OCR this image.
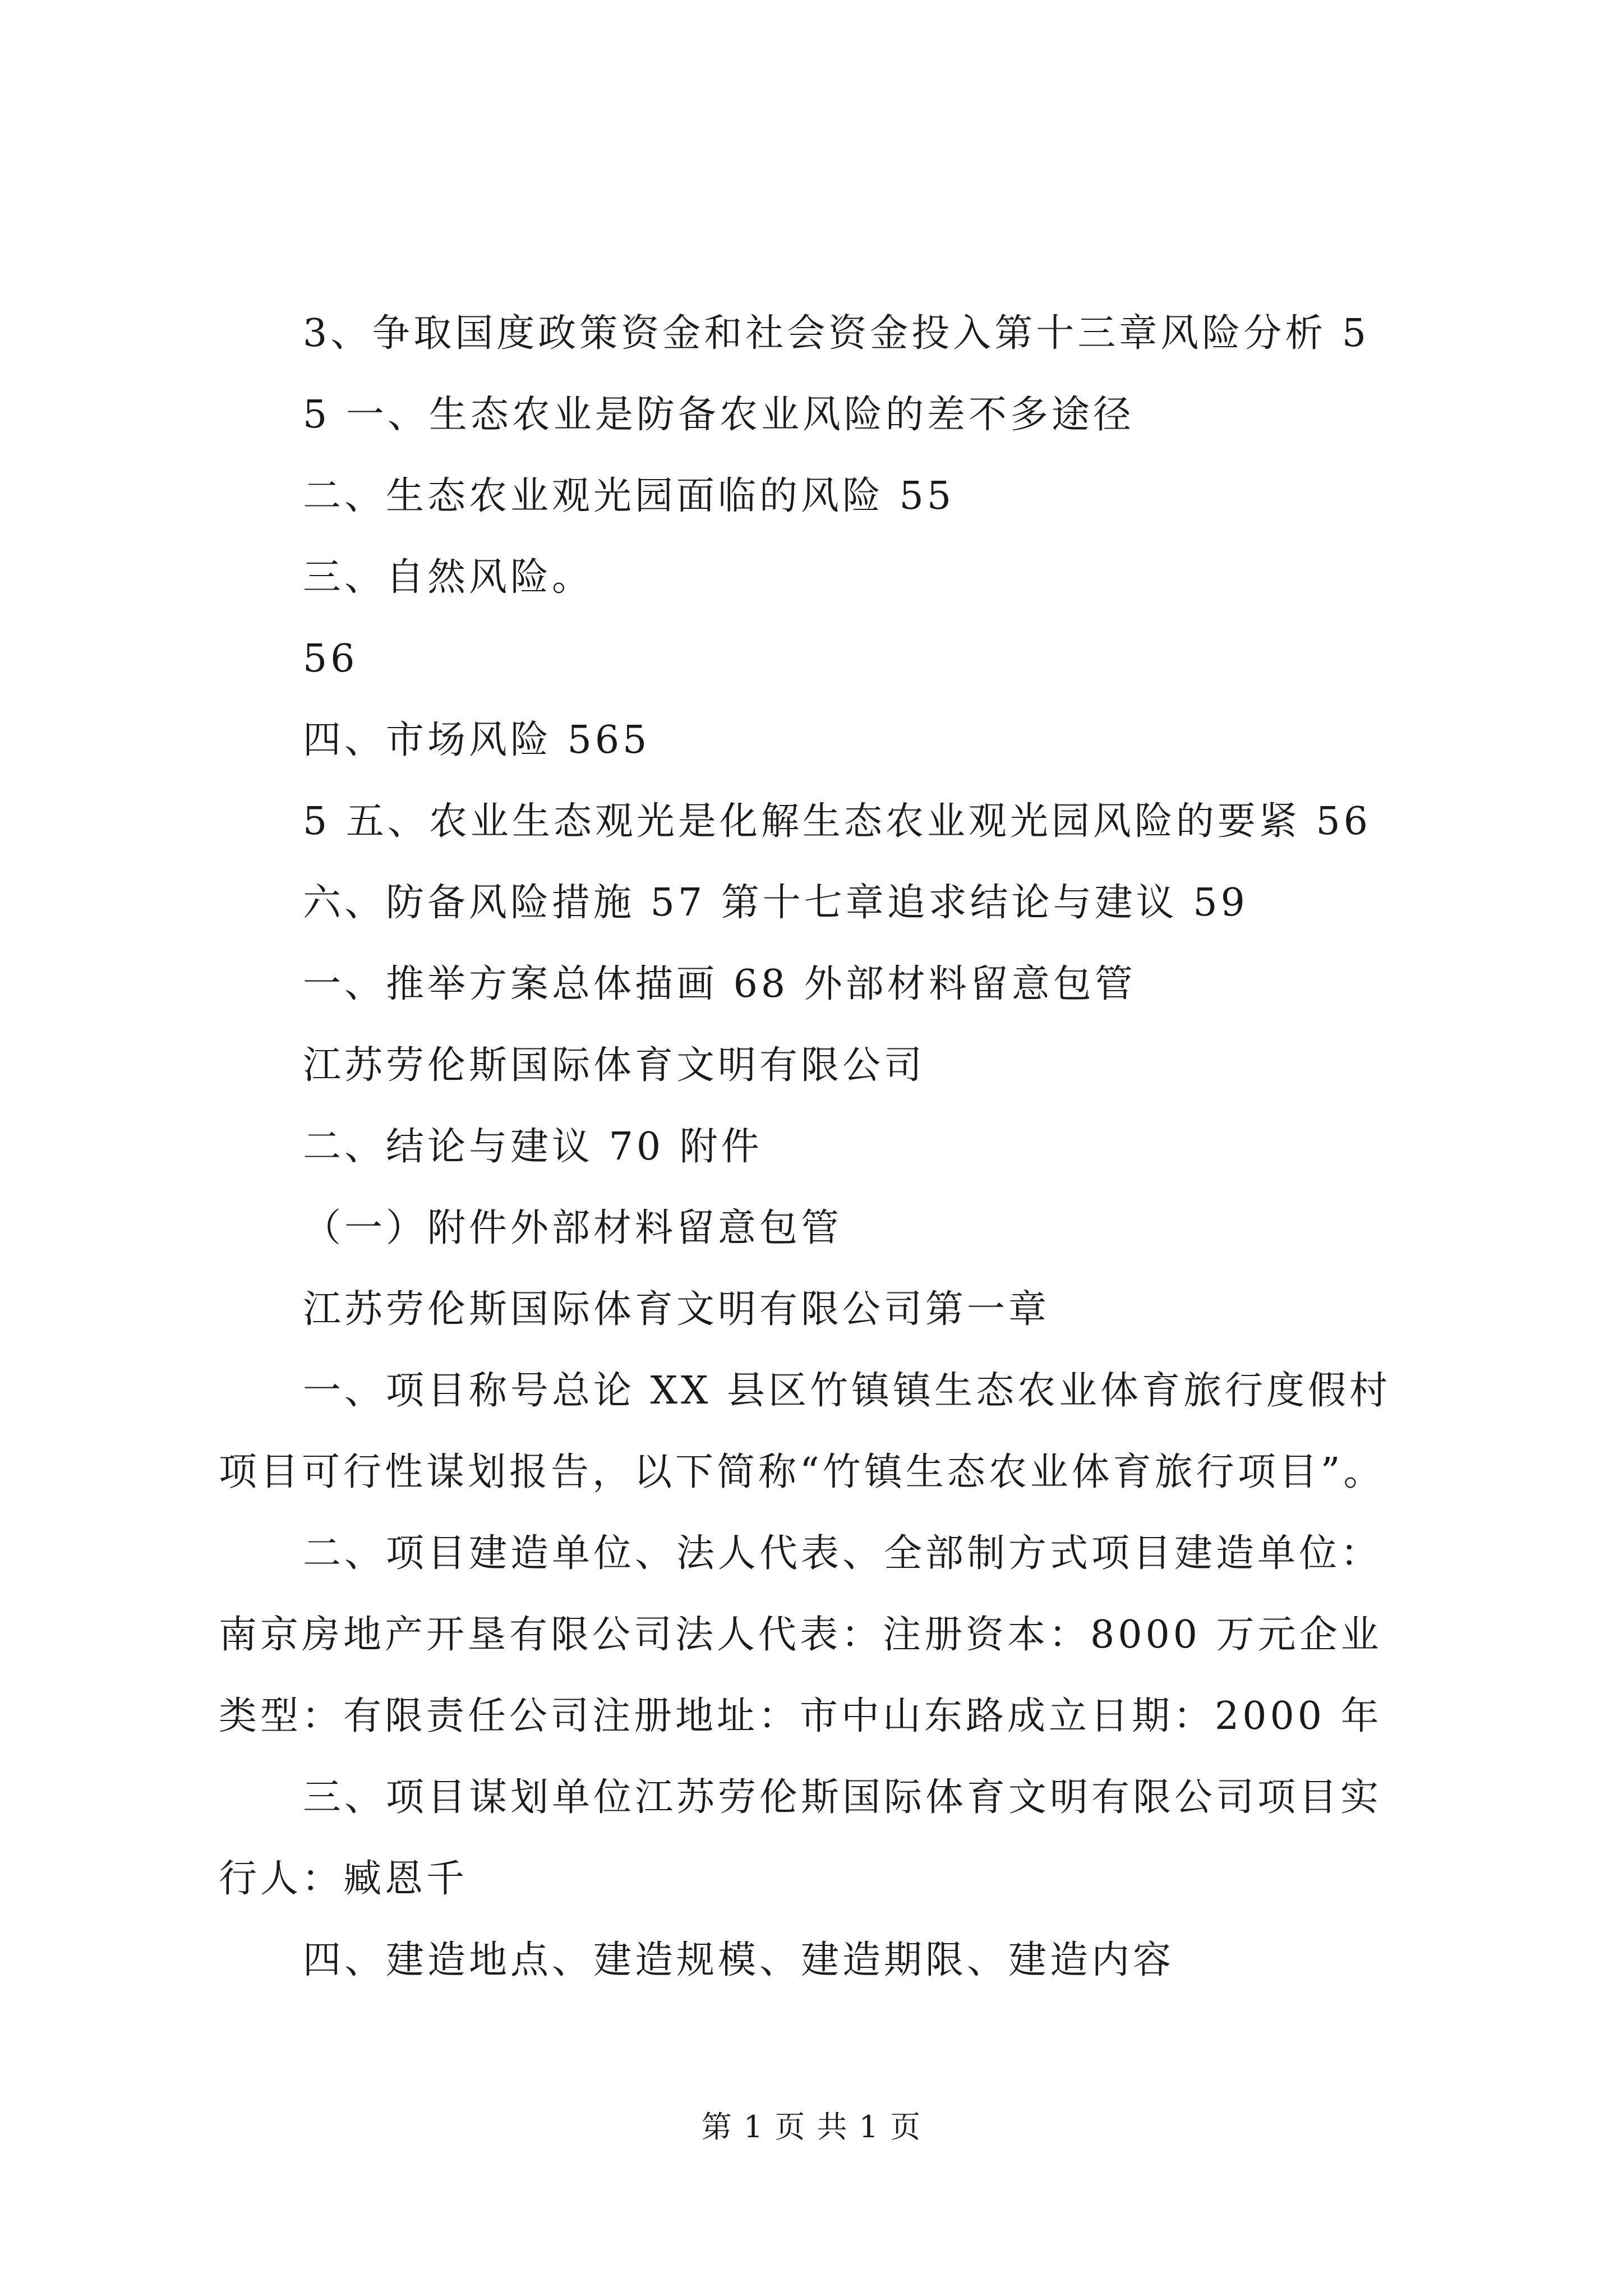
3、争取国度政策资金和社会资金投入第十三章风险分析 5
5 一、生态农业是防备农业风险的差不多途径
二、生态农业观光园面临的风险 55
三、自然风险。
56
四、市场风险 565
5 五、农业生态观光是化解生态农业观光园风险的要紧 56
六、防备风险措施 57 第十七章追求结论与建议 59
一、推举方案总体描画 68 外部材料留意包管
江苏劳伦斯国际体育文明有限公司
二、结论与建议 70 附件
（一）附件外部材料留意包管
江苏劳伦斯国际体育文明有限公司第一章
一、项目称号总论 XX 县区竹镇镇生态农业体育旅行度假村
项目可行性谋划报告，以下简称“竹镇生态农业体育旅行项目”。
二、项目建造单位、法人代表、全部制方式项目建造单位：
南京房地产开垦有限公司法人代表：注册资本：8000 万元企业
类型：有限责任公司注册地址：市中山东路成立日期：2000 年
三、项目谋划单位江苏劳伦斯国际体育文明有限公司项目实
行人：臧恩千
四、建造地点、建造规模、建造期限、建造内容
第 1 页 共 1 页
